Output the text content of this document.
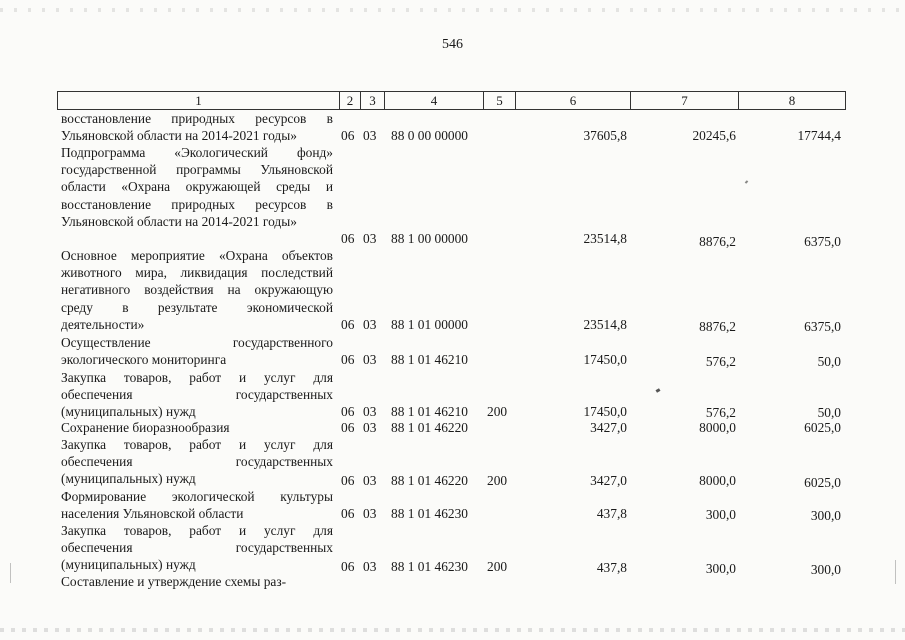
546
1	2	3	4	5	6	7	8
восстановление природных ресурсов в Ульяновской области на 2014-2021 годы»	06 03 88 0 00 00000	37605,8	20245,6	17744,4
Подпрограмма «Экологический фонд» государственной программы Ульяновской области «Охрана окружающей среды и восстановление природных ресурсов в Ульяновской области на 2014-2021 годы»
06 03 88 1 00 00000	23514,8	8876,2	6375,0
Основное мероприятие «Охрана объектов животного мира, ликвидация последствий негативного воздействия на окружающую среду в результате экономической деятельности»	06 03 88 1 01 00000	23514,8	8876,2	6375,0
Осуществление государственного экологического мониторинга	06 03 88 1 01 46210	17450,0	576,2	50,0
Закупка товаров, работ и услуг для обеспечения государственных (муниципальных) нужд	06 03 88 1 01 46210 200	17450,0	576,2	50,0
Сохранение биоразнообразия	06 03 88 1 01 46220	3427,0	8000,0	6025,0
Закупка товаров, работ и услуг для обеспечения государственных (муниципальных) нужд	06 03 88 1 01 46220 200	3427,0	8000,0	6025,0
Формирование экологической культуры населения Ульяновской области	06 03 88 1 01 46230	437,8	300,0	300,0
Закупка товаров, работ и услуг для обеспечения государственных (муниципальных) нужд	06 03 88 1 01 46230 200	437,8	300,0	300,0
Составление и утверждение схемы раз-
